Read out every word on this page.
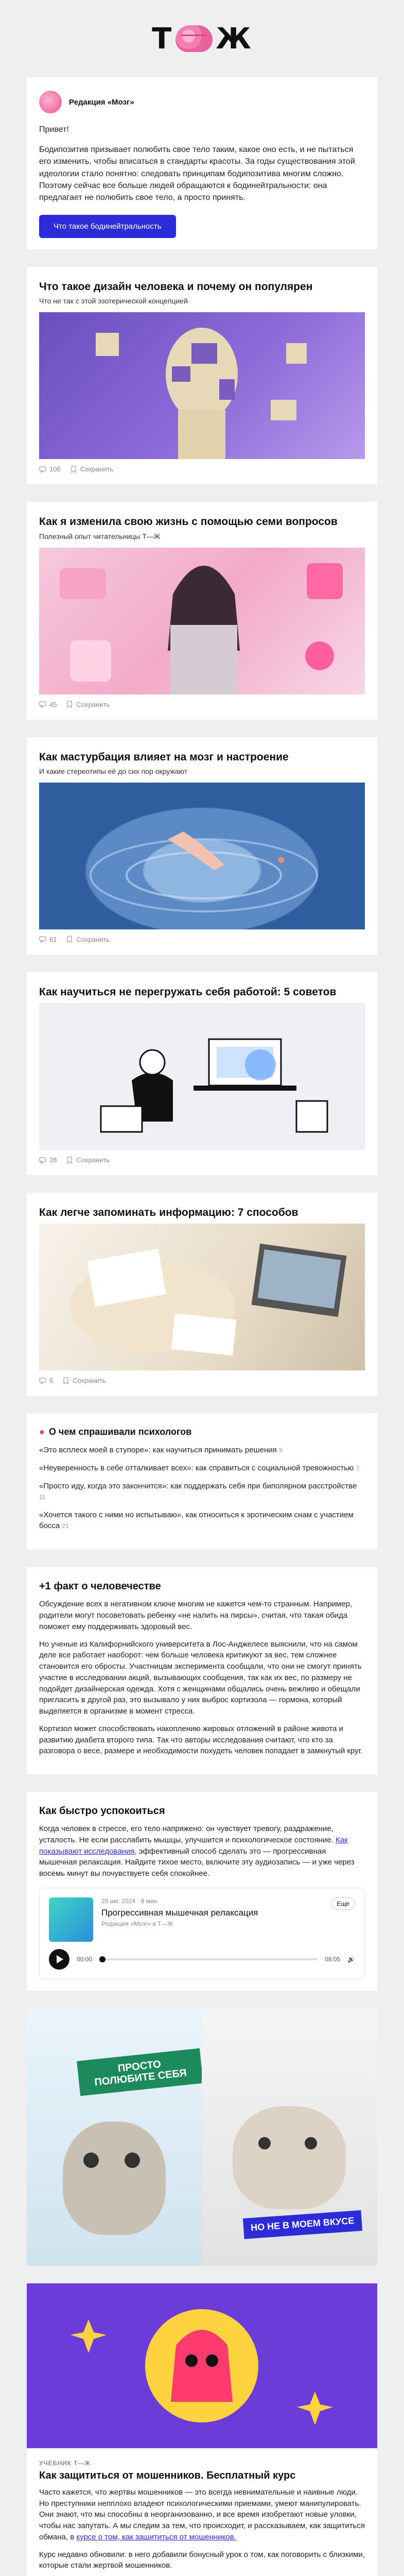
Т Ж
Редакция «Мозг»

Привет!

Бодипозитив призывает полюбить свое тело таким, какое оно есть, и не пытаться его изменить, чтобы вписаться в стандарты красоты. За годы существования этой идеологии стало понятно: следовать принципам бодипозитива многим сложно. Поэтому сейчас все больше людей обращаются к бодинейтральности: она предлагает не полюбить свое тело, а просто принять.

Что такое бодинейтральность
Что такое дизайн человека и почему он популярен
Что не так с этой эзотерической концепцией
108	Сохранить
Как я изменила свою жизнь с помощью семи вопросов
Полезный опыт читательницы Т—Ж
45	Сохранить
Как мастурбация влияет на мозг и настроение
И какие стереотипы её до сих пор окружают
61	Сохранить
Как научиться не перегружать себя работой: 5 советов
28	Сохранить
Как легче запоминать информацию: 7 способов
6	Сохранить
● О чем спрашивали психологов
«Это всплеск моей в ступоре»: как научиться принимать решения 9
«Неуверенность в себе отталкивает всех»: как справиться с социальной тревожностью 7
«Просто иду, когда это закончится»: как поддержать себя при биполярном расстройстве 11
«Хочется такого с ними но испытываю», как относиться к эротическим снам с участием босса 21
+1 факт о человечестве

Обсуждение всех в негативном ключе многим не кажется чем-то странным. Например, родители могут посоветовать ребенку «не налить на пирсы», считая, что такая обида поможет ему поддерживать здоровый вес.

Но ученые из Калифорнийского университета в Лос-Анджелесе выяснили, что на самом деле все работает наоборот: чем больше человека критикуют за вес, тем сложнее становится его обросты. Участницам эксперимента сообщали, что они не смогут принять участие в исследовании акций, вызывающих сообщения, так как их вес, по размеру не подойдет дизайнерская одежда. Хотя с женщинами общались очень вежливо и обещали пригласить в другой раз, это вызывало у них выброс кортизола — гормона, который выделяется в организме в момент стресса.

Кортизол может способствовать накоплению жировых отложений в районе живота и развитию диабета второго типа. Так что авторы исследования считают, что кто за разговора о весе, размере и необходимости похудеть человек попадает в замкнутый круг.

Как быстро успокоиться

Когда человек в стрессе, его тело напряжено: он чувствует тревогу, раздражение, усталость. Не если расслабить мышцы, улучшится и психологическое состояние. Как показывают исследования, эффективный способ сделать это — прогрессивная мышечная релаксация. Найдите тихое место, включите эту аудиозапись — и уже через восемь минут вы почувствуете себя спокойнее.

28 авг. 2024 · 8 мин
Прогрессивная мышечная релаксация
Редакция «Мозг» в Т—Ж
Еще
00:00	08:05 🔊
ПРОСТО ПОЛЮБИТЕ СЕБЯ
НО НЕ В МОЕМ ВКУСЕ
УЧЕБНИК Т—Ж
Как защититься от мошенников. Бесплатный курс

Часто кажется, что жертвы мошенников — это всегда невнимательные и наивные люди. Но преступники непплохо владеют психологическими приемами, умеют манипулировать. Они знают, что мы способны в неорганизованно, и все время изобретают новые уловки, чтобы нас запутать. А мы следим за тем, что происходит, и рассказываем, как защититься обмана, в курсе о том, как защититься от мошенников.

Курс недавно обновили: в него добавили бонусный урок о том, как поговорить с близкими, которые стали жертвой мошенников.
